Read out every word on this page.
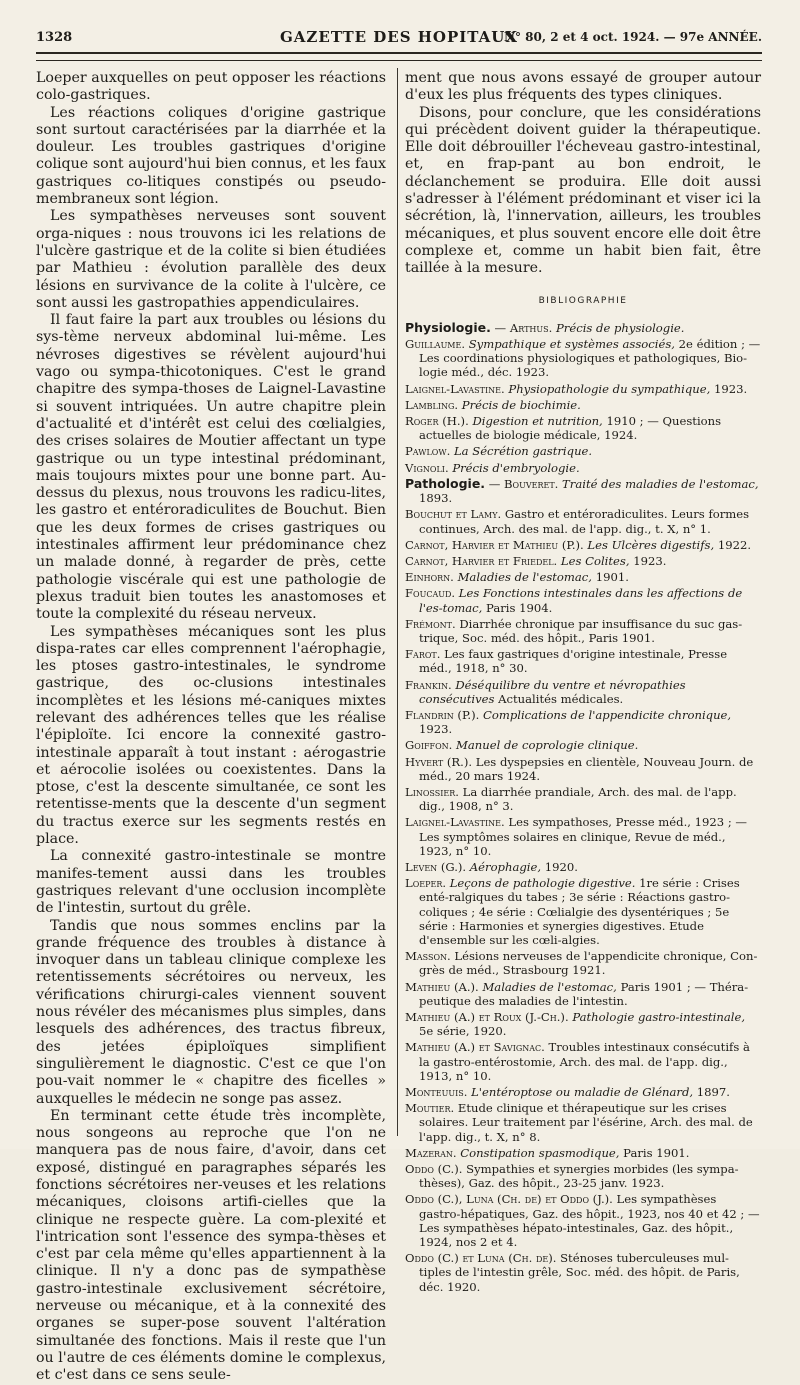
1328	GAZETTE DES HOPITAUX
N° 80, 2 et 4 oct. 1924. — 97e ANNÉE.

Loeper auxquelles on peut opposer les réactions colo-gastriques.

Les réactions coliques d'origine gastrique sont surtout caractérisées par la diarrhée et la douleur. Les troubles gastriques d'origine colique sont aujourd'hui bien connus, et les faux gastriques co-litiques constipés ou pseudo-membraneux sont légion.

Les sympathèses nerveuses sont souvent orga-niques : nous trouvons ici les relations de l'ulcère gastrique et de la colite si bien étudiées par Mathieu : évolution parallèle des deux lésions en survivance de la colite à l'ulcère, ce sont aussi les gastropathies appendiculaires.

Il faut faire la part aux troubles ou lésions du sys-tème nerveux abdominal lui-même. Les névroses digestives se révèlent aujourd'hui vago ou sympa-thicotoniques. C'est le grand chapitre des sympa-thoses de Laignel-Lavastine si souvent intriquées. Un autre chapitre plein d'actualité et d'intérêt est celui des cœlialgies, des crises solaires de Moutier affectant un type gastrique ou un type intestinal prédominant, mais toujours mixtes pour une bonne part. Au-dessus du plexus, nous trouvons les radicu-lites, les gastro et entéroradiculites de Bouchut. Bien que les deux formes de crises gastriques ou intestinales affirment leur prédominance chez un malade donné, à regarder de près, cette pathologie viscérale qui est une pathologie de plexus traduit bien toutes les anastomoses et toute la complexité du réseau nerveux.

Les sympathèses mécaniques sont les plus dispa-rates car elles comprennent l'aérophagie, les ptoses gastro-intestinales, le syndrome gastrique, des oc-clusions intestinales incomplètes et les lésions mé-caniques mixtes relevant des adhérences telles que les réalise l'épiploïte. Ici encore la connexité gastro-intestinale apparaît à tout instant : aérogastrie et aérocolie isolées ou coexistentes. Dans la ptose, c'est la descente simultanée, ce sont les retentisse-ments que la descente d'un segment du tractus exerce sur les segments restés en place.

La connexité gastro-intestinale se montre manifes-tement aussi dans les troubles gastriques relevant d'une occlusion incomplète de l'intestin, surtout du grêle.

Tandis que nous sommes enclins par la grande fréquence des troubles à distance à invoquer dans un tableau clinique complexe les retentissements sécrétoires ou nerveux, les vérifications chirurgi-cales viennent souvent nous révéler des mécanismes plus simples, dans lesquels des adhérences, des tractus fibreux, des jetées épiploïques simplifient singulièrement le diagnostic. C'est ce que l'on pou-vait nommer le « chapitre des ficelles » auxquelles le médecin ne songe pas assez.

En terminant cette étude très incomplète, nous songeons au reproche que l'on ne manquera pas de nous faire, d'avoir, dans cet exposé, distingué en paragraphes séparés les fonctions sécrétoires ner-veuses et les relations mécaniques, cloisons artifi-cielles que la clinique ne respecte guère. La com-plexité et l'intrication sont l'essence des sympa-thèses et c'est par cela même qu'elles appartiennent à la clinique. Il n'y a donc pas de sympathèse gastro-intestinale exclusivement sécrétoire, nerveuse ou mécanique, et à la connexité des organes se super-pose souvent l'altération simultanée des fonctions. Mais il reste que l'un ou l'autre de ces éléments domine le complexus, et c'est dans ce sens seule-

ment que nous avons essayé de grouper autour d'eux les plus fréquents des types cliniques.

Disons, pour conclure, que les considérations qui précèdent doivent guider la thérapeutique. Elle doit débrouiller l'écheveau gastro-intestinal, et, en frap-pant au bon endroit, le déclanchement se produira. Elle doit aussi s'adresser à l'élément prédominant et viser ici la sécrétion, là, l'innervation, ailleurs, les troubles mécaniques, et plus souvent encore elle doit être complexe et, comme un habit bien fait, être taillée à la mesure.

BIBLIOGRAPHIE
Physiologie. — Arthus. Précis de physiologie.
Guillaume. Sympathique et systèmes associés, 2e édition ; — Les coordinations physiologiques et pathologiques, Bio-logie méd., déc. 1923.
Laignel-Lavastine. Physiopathologie du sympathique, 1923.
Lambling. Précis de biochimie.
Roger (H.). Digestion et nutrition, 1910 ; — Questions actuelles de biologie médicale, 1924.
Pawlow. La Sécrétion gastrique.
Vignoli. Précis d'embryologie.
Pathologie. — Bouveret. Traité des maladies de l'estomac, 1893.
Bouchut et Lamy. Gastro et entéroradiculites. Leurs formes continues, Arch. des mal. de l'app. dig., t. X, n° 1.
Carnot, Harvier et Mathieu (P.). Les Ulcères digestifs, 1922.
Carnot, Harvier et Friedel. Les Colites, 1923.
Einhorn. Maladies de l'estomac, 1901.
Foucaud. Les Fonctions intestinales dans les affections de l'es-tomac, Paris 1904.
Frémont. Diarrhée chronique par insuffisance du suc gas-trique, Soc. méd. des hôpit., Paris 1901.
Farot. Les faux gastriques d'origine intestinale, Presse méd., 1918, n° 30.
Frankin. Déséquilibre du ventre et névropathies consécutives Actualités médicales.
Flandrin (P.). Complications de l'appendicite chronique, 1923.
Goiffon. Manuel de coprologie clinique.
Hyvert (R.). Les dyspepsies en clientèle, Nouveau Journ. de méd., 20 mars 1924.
Linossier. La diarrhée prandiale, Arch. des mal. de l'app. dig., 1908, n° 3.
Laignel-Lavastine. Les sympathoses, Presse méd., 1923 ; — Les symptômes solaires en clinique, Revue de méd., 1923, n° 10.
Leven (G.). Aérophagie, 1920.
Loeper. Leçons de pathologie digestive. 1re série : Crises enté-ralgiques du tabes ; 3e série : Réactions gastro-coliques ; 4e série : Cœlialgie des dysentériques ; 5e série : Harmonies et synergies digestives. Etude d'ensemble sur les cœli-algies.
Masson. Lésions nerveuses de l'appendicite chronique, Con-grès de méd., Strasbourg 1921.
Mathieu (A.). Maladies de l'estomac, Paris 1901 ; — Théra-peutique des maladies de l'intestin.
Mathieu (A.) et Roux (J.-Ch.). Pathologie gastro-intestinale, 5e série, 1920.
Mathieu (A.) et Savignac. Troubles intestinaux consécutifs à la gastro-entérostomie, Arch. des mal. de l'app. dig., 1913, n° 10.
Monteuuis. L'entéroptose ou maladie de Glénard, 1897.
Moutier. Etude clinique et thérapeutique sur les crises solaires. Leur traitement par l'ésérine, Arch. des mal. de l'app. dig., t. X, n° 8.
Mazeran. Constipation spasmodique, Paris 1901.
Oddo (C.). Sympathies et synergies morbides (les sympa-thèses), Gaz. des hôpit., 23-25 janv. 1923.
Oddo (C.), Luna (Ch. de) et Oddo (J.). Les sympathèses gastro-hépatiques, Gaz. des hôpit., 1923, nos 40 et 42 ; — Les sympathèses hépato-intestinales, Gaz. des hôpit., 1924, nos 2 et 4.
Oddo (C.) et Luna (Ch. de). Sténoses tuberculeuses mul-tiples de l'intestin grêle, Soc. méd. des hôpit. de Paris, déc. 1920.
